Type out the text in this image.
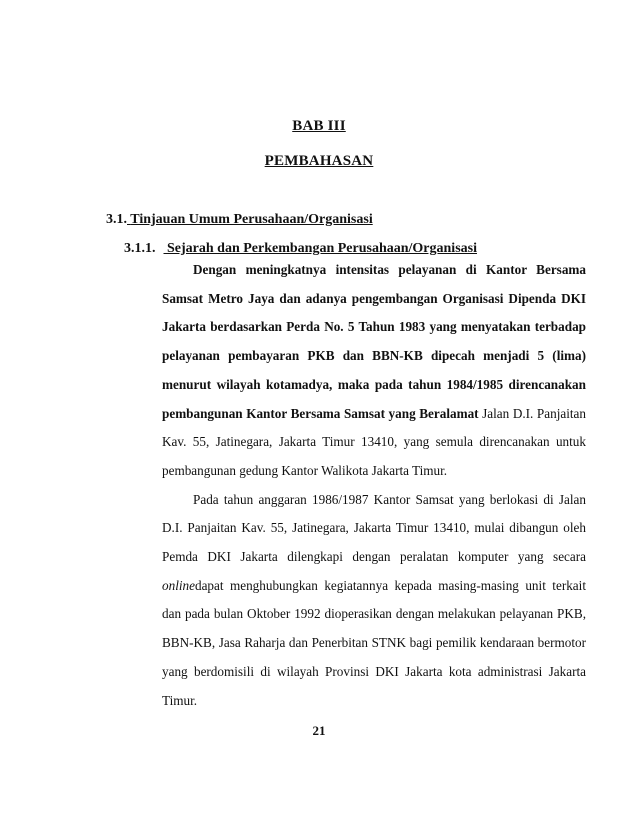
BAB III
PEMBAHASAN
3.1. Tinjauan Umum Perusahaan/Organisasi
3.1.1. Sejarah dan Perkembangan Perusahaan/Organisasi

Dengan meningkatnya intensitas pelayanan di Kantor Bersama Samsat Metro Jaya dan adanya pengembangan Organisasi Dipenda DKI Jakarta berdasarkan Perda No. 5 Tahun 1983 yang menyatakan terbadap pelayanan pembayaran PKB dan BBN-KB dipecah menjadi 5 (lima) menurut wilayah kotamadya, maka pada tahun 1984/1985 direncanakan pembangunan Kantor Bersama Samsat yang Beralamat Jalan D.I. Panjaitan Kav. 55, Jatinegara, Jakarta Timur 13410, yang semula direncanakan untuk pembangunan gedung Kantor Walikota Jakarta Timur.

Pada tahun anggaran 1986/1987 Kantor Samsat yang berlokasi di Jalan D.I. Panjaitan Kav. 55, Jatinegara, Jakarta Timur 13410, mulai dibangun oleh Pemda DKI Jakarta dilengkapi dengan peralatan komputer yang secara onlinedapat menghubungkan kegiatannya kepada masing-masing unit terkait dan pada bulan Oktober 1992 dioperasikan dengan melakukan pelayanan PKB, BBN-KB, Jasa Raharja dan Penerbitan STNK bagi pemilik kendaraan bermotor yang berdomisili di wilayah Provinsi DKI Jakarta kota administrasi Jakarta Timur.

21
